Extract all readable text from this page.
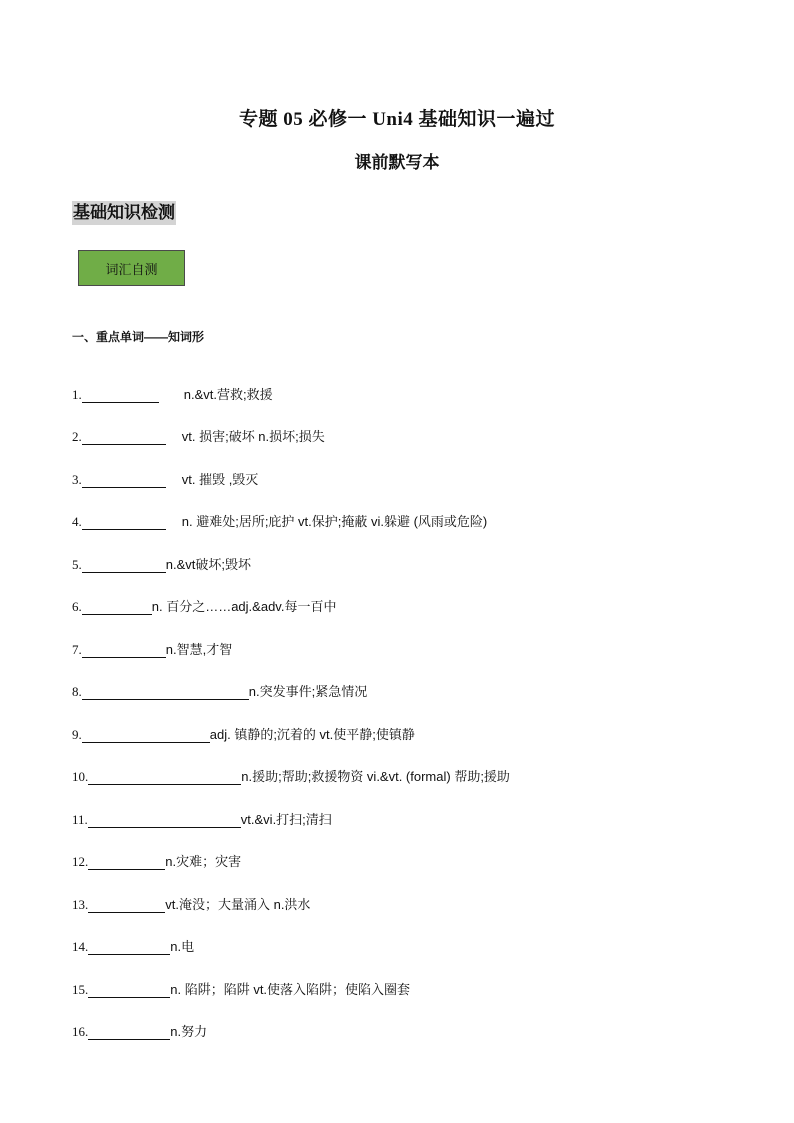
专题 05 必修一 Uni4 基础知识一遍过
课前默写本
基础知识检测
词汇自测
一、重点单词——知词形
1.	n.&vt.营救;救援
2.	vt. 损害;破坏 n.损坏;损失
3.	vt. 摧毁 ,毁灭
4.	n. 避难处;居所;庇护 vt.保护;掩蔽 vi.躲避 (风雨或危险)
5.	n.&vt破坏;毁坏
6.	n. 百分之……adj.&adv.每一百中
7.	n.智慧,才智
8.	n.突发事件;紧急情况
9.	adj. 镇静的;沉着的 vt.使平静;使镇静
10.	n.援助;帮助;救援物资 vi.&vt. (formal) 帮助;援助
11.	vt.&vi.打扫;清扫
12.	n.灾难；灾害
13.	vt.淹没；大量涌入 n.洪水
14.	n.电
15.	n. 陷阱；陷阱 vt.使落入陷阱；使陷入圈套
16.	n.努力
